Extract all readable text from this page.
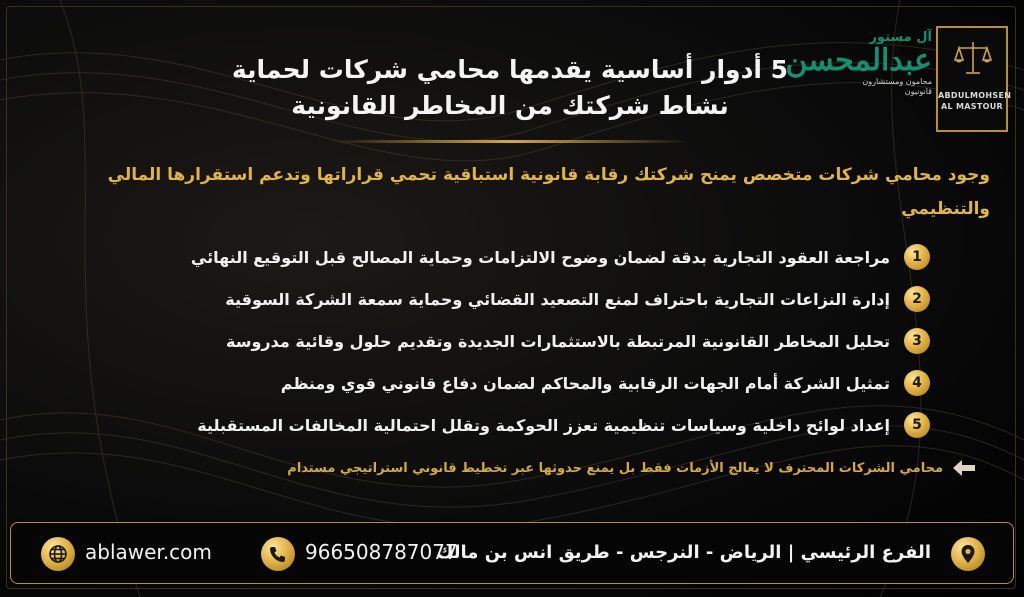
آل مستور
عبدالمحسن
محامون ومستشارون قانونيون ABDULMOHSEN
AL MASTOUR
5 أدوار أساسية يقدمها محامي شركات لحماية
نشاط شركتك من المخاطر القانونية
وجود محامي شركات متخصص يمنح شركتك رقابة قانونية استباقية تحمي قراراتها وتدعم استقرارها المالي والتنظيمي
1
مراجعة العقود التجارية بدقة لضمان وضوح الالتزامات وحماية المصالح قبل التوقيع النهائي
2
إدارة النزاعات التجارية باحتراف لمنع التصعيد القضائي وحماية سمعة الشركة السوقية
3
تحليل المخاطر القانونية المرتبطة بالاستثمارات الجديدة وتقديم حلول وقائية مدروسة
4
تمثيل الشركة أمام الجهات الرقابية والمحاكم لضمان دفاع قانوني قوي ومنظم
5
إعداد لوائح داخلية وسياسات تنظيمية تعزز الحوكمة وتقلل احتمالية المخالفات المستقبلية
محامي الشركات المحترف لا يعالج الأزمات فقط بل يمنع حدوثها عبر تخطيط قانوني استراتيجي مستدام
ablawer.com	966508787077
الفرع الرئيسي | الرياض - النرجس - طريق انس بن مالك
